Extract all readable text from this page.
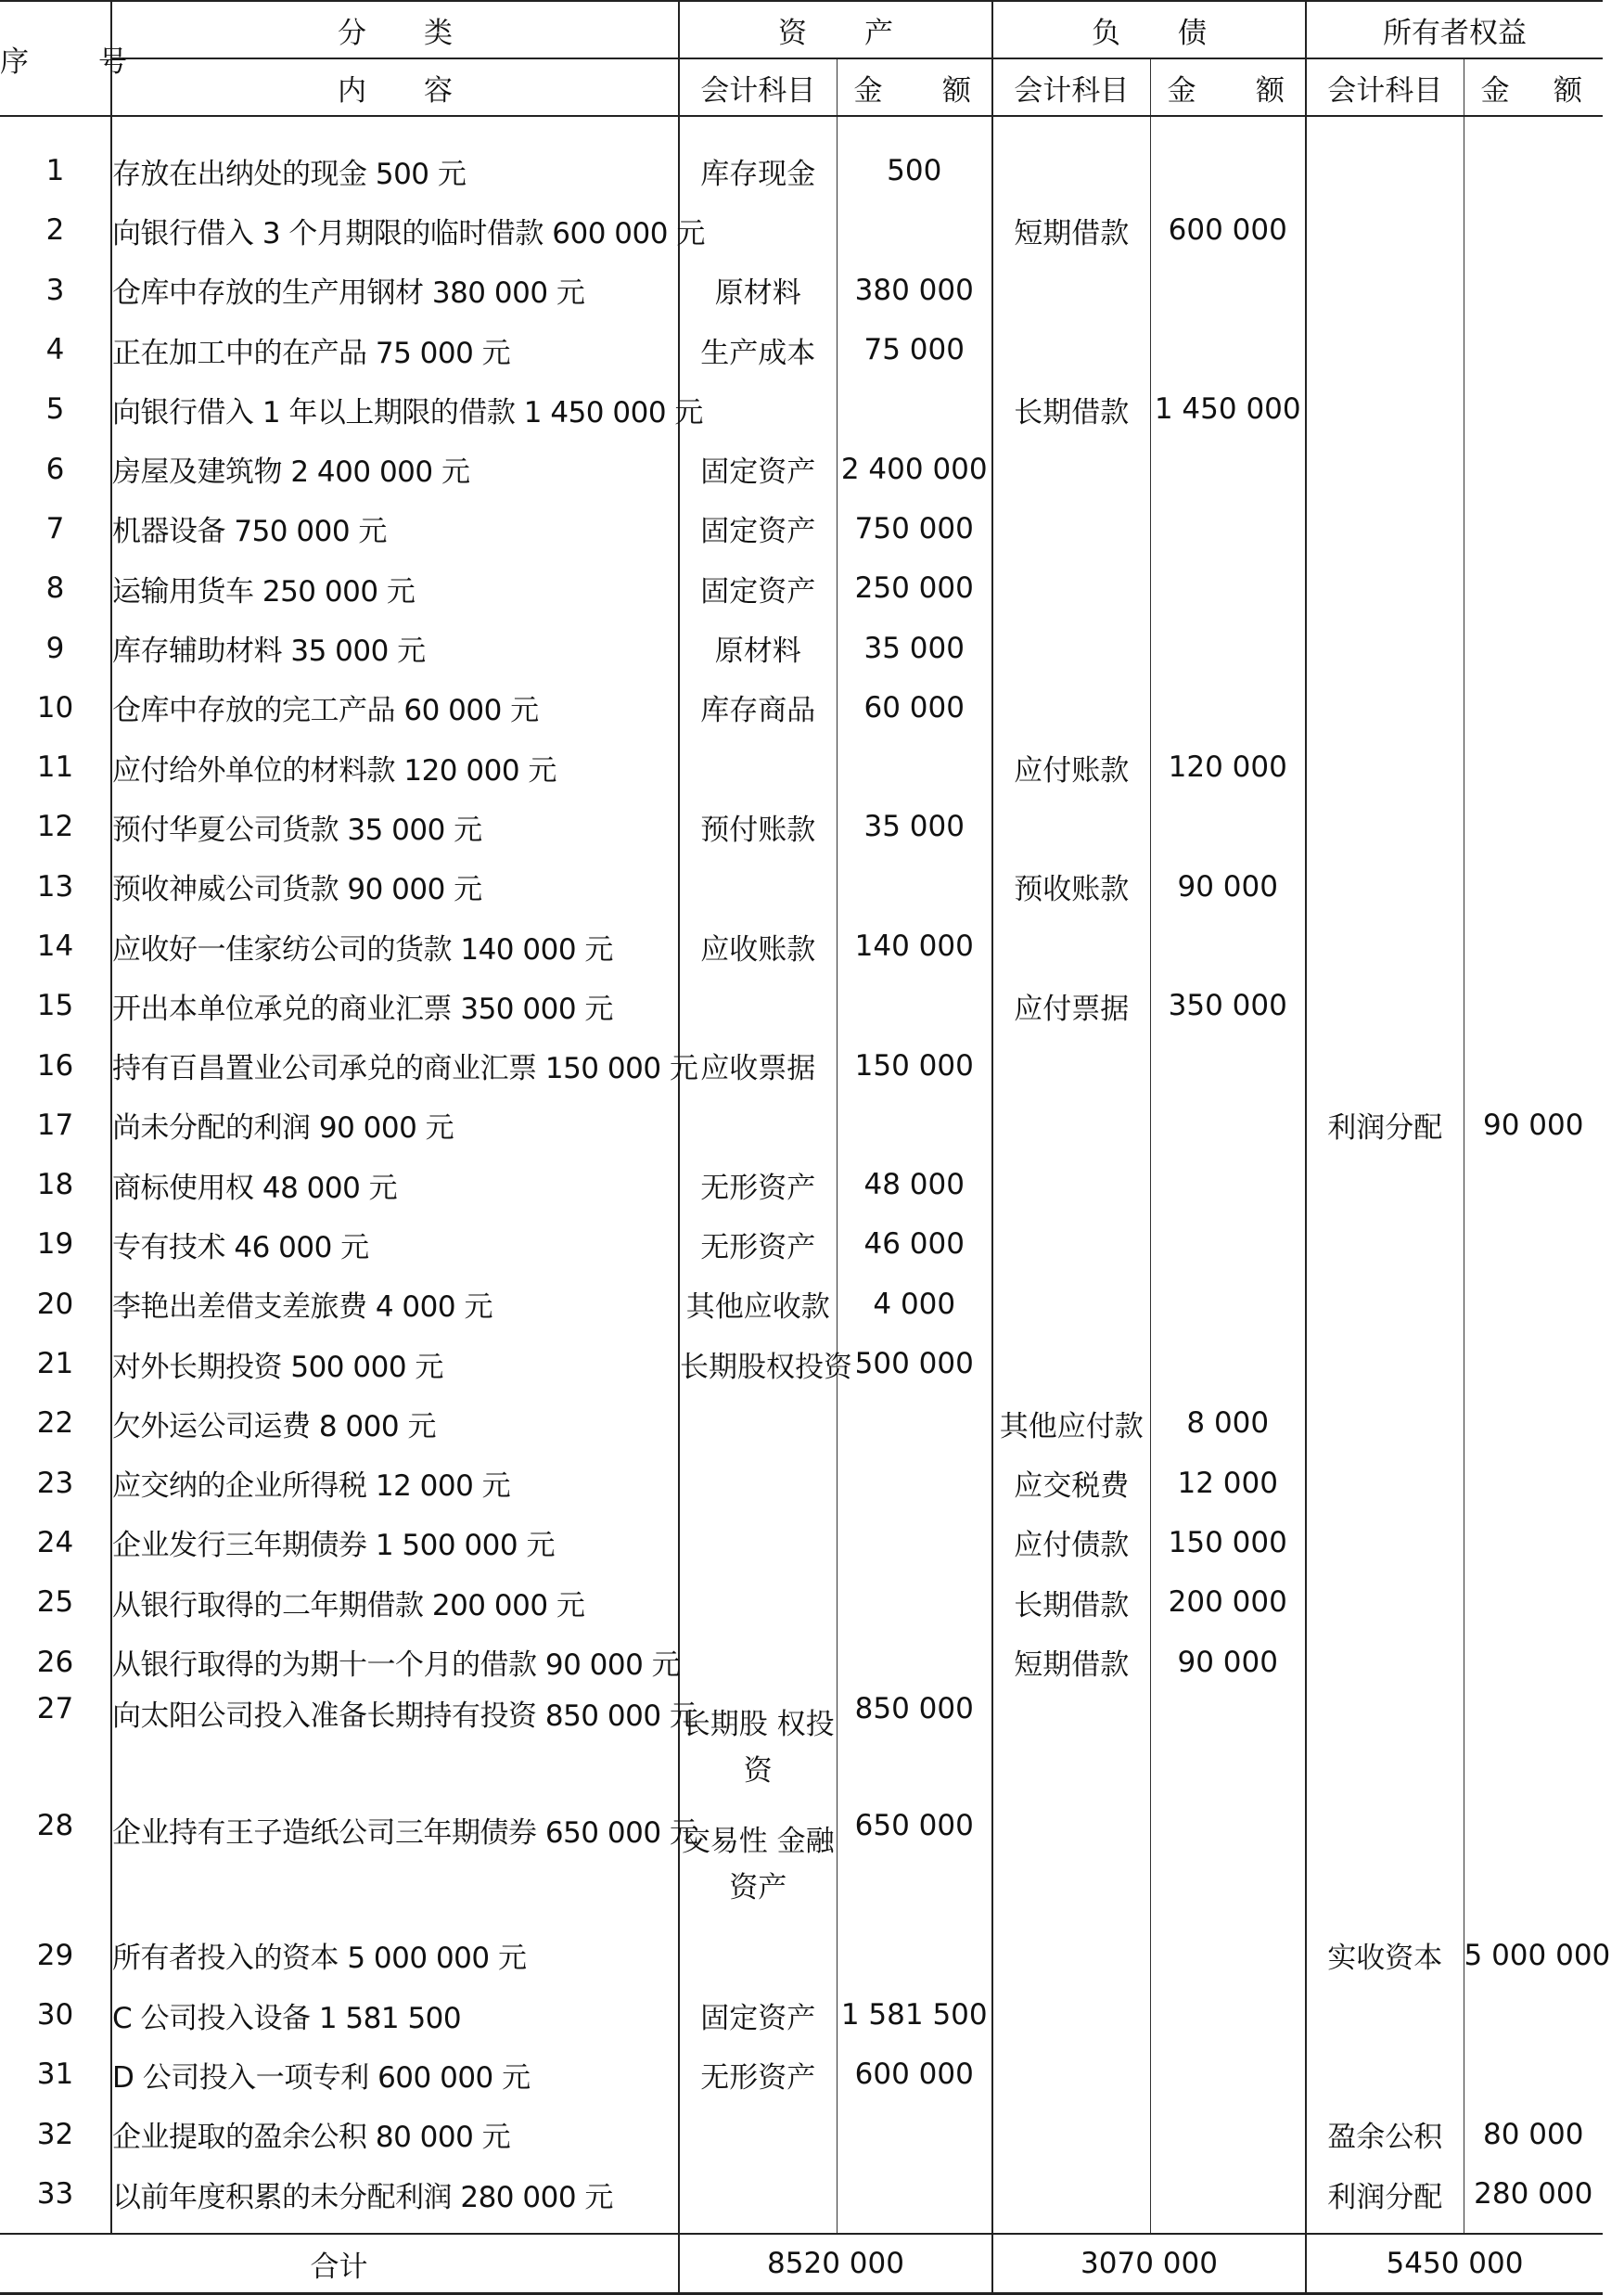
序　号	分　　类	资　　产		负　　债		所有者权益	
	内　　容	会计科目	金 额	会计科目	金 额	会计科目	金 额

1	存放在出纳处的现金 500 元	库存现金	500				
2	向银行借入 3 个月期限的临时借款 600 000 元			短期借款	600 000		
3	仓库中存放的生产用钢材 380 000 元	原材料	380 000				
4	正在加工中的在产品 75 000 元	生产成本	75 000				
5	向银行借入 1 年以上期限的借款 1 450 000 元			长期借款	1 450 000		
6	房屋及建筑物 2 400 000 元	固定资产	2 400 000				
7	机器设备 750 000 元	固定资产	750 000				
8	运输用货车 250 000 元	固定资产	250 000				
9	库存辅助材料 35 000 元	原材料	35 000				
10	仓库中存放的完工产品 60 000 元	库存商品	60 000				
11	应付给外单位的材料款 120 000 元			应付账款	120 000		
12	预付华夏公司货款 35 000 元	预付账款	35 000				
13	预收神威公司货款 90 000 元			预收账款	90 000		
14	应收好一佳家纺公司的货款 140 000 元	应收账款	140 000				
15	开出本单位承兑的商业汇票 350 000 元			应付票据	350 000		
16	持有百昌置业公司承兑的商业汇票 150 000 元	应收票据	150 000				
17	尚未分配的利润 90 000 元					利润分配	90 000
18	商标使用权 48 000 元	无形资产	48 000				
19	专有技术 46 000 元	无形资产	46 000				
20	李艳出差借支差旅费 4 000 元	其他应收款	4 000				
21	对外长期投资 500 000 元	长期股权投资	500 000				
22	欠外运公司运费 8 000 元			其他应付款	8 000		
23	应交纳的企业所得税 12 000 元			应交税费	12 000		
24	企业发行三年期债券 1 500 000 元			应付债款	150 000		
25	从银行取得的二年期借款 200 000 元			长期借款	200 000		
26	从银行取得的为期十一个月的借款 90 000 元			短期借款	90 000		
27	向太阳公司投入准备长期持有投资 850 000 元	长期股 权投资	850 000				
28	企业持有王子造纸公司三年期债券 650 000 元	交易性 金融资产	650 000				
29	所有者投入的资本 5 000 000 元					实收资本	5 000 000
30	C 公司投入设备 1 581 500	固定资产	1 581 500				
31	D 公司投入一项专利 600 000 元	无形资产	600 000				
32	企业提取的盈余公积 80 000 元					盈余公积	80 000
33	以前年度积累的未分配利润 280 000 元					利润分配	280 000

合计		8520 000		3070 000		5450 000	
